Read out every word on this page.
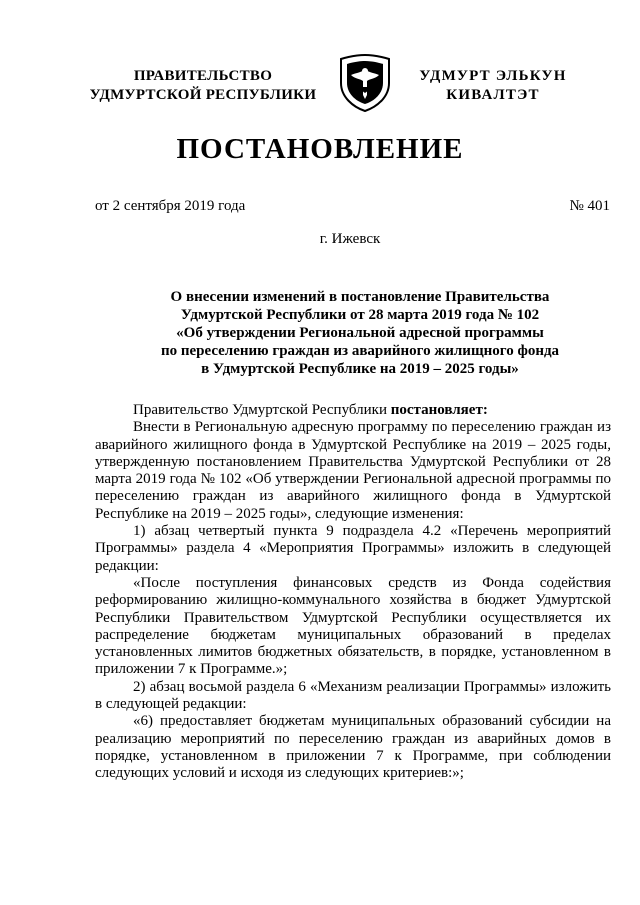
ПРАВИТЕЛЬСТВО
УДМУРТСКОЙ РЕСПУБЛИКИ
УДМУРТ ЭЛЬКУН
КИВАЛТЭТ
ПОСТАНОВЛЕНИЕ
от 2 сентября 2019 года	№ 401
г. Ижевск
О внесении изменений в постановление Правительства
Удмуртской Республики от 28 марта 2019 года № 102
«Об утверждении Региональной адресной программы
по переселению граждан из аварийного жилищного фонда
в Удмуртской Республике на 2019 – 2025 годы»

Правительство Удмуртской Республики постановляет:

Внести в Региональную адресную программу по переселению граждан из аварийного жилищного фонда в Удмуртской Республике на 2019 – 2025 годы, утвержденную постановлением Правительства Удмуртской Республики от 28 марта 2019 года № 102 «Об утверждении Региональной адресной программы по переселению граждан из аварийного жилищного фонда в Удмуртской Республике на 2019 – 2025 годы», следующие изменения:

1) абзац четвертый пункта 9 подраздела 4.2 «Перечень мероприятий Программы» раздела 4 «Мероприятия Программы» изложить в следующей редакции:

«После поступления финансовых средств из Фонда содействия реформированию жилищно-коммунального хозяйства в бюджет Удмуртской Республики Правительством Удмуртской Республики осуществляется их распределение бюджетам муниципальных образований в пределах установленных лимитов бюджетных обязательств, в порядке, установленном в приложении 7 к Программе.»;

2) абзац восьмой раздела 6 «Механизм реализации Программы» изложить в следующей редакции:

«6) предоставляет бюджетам муниципальных образований субсидии на реализацию мероприятий по переселению граждан из аварийных домов в порядке, установленном в приложении 7 к Программе, при соблюдении следующих условий и исходя из следующих критериев:»;
